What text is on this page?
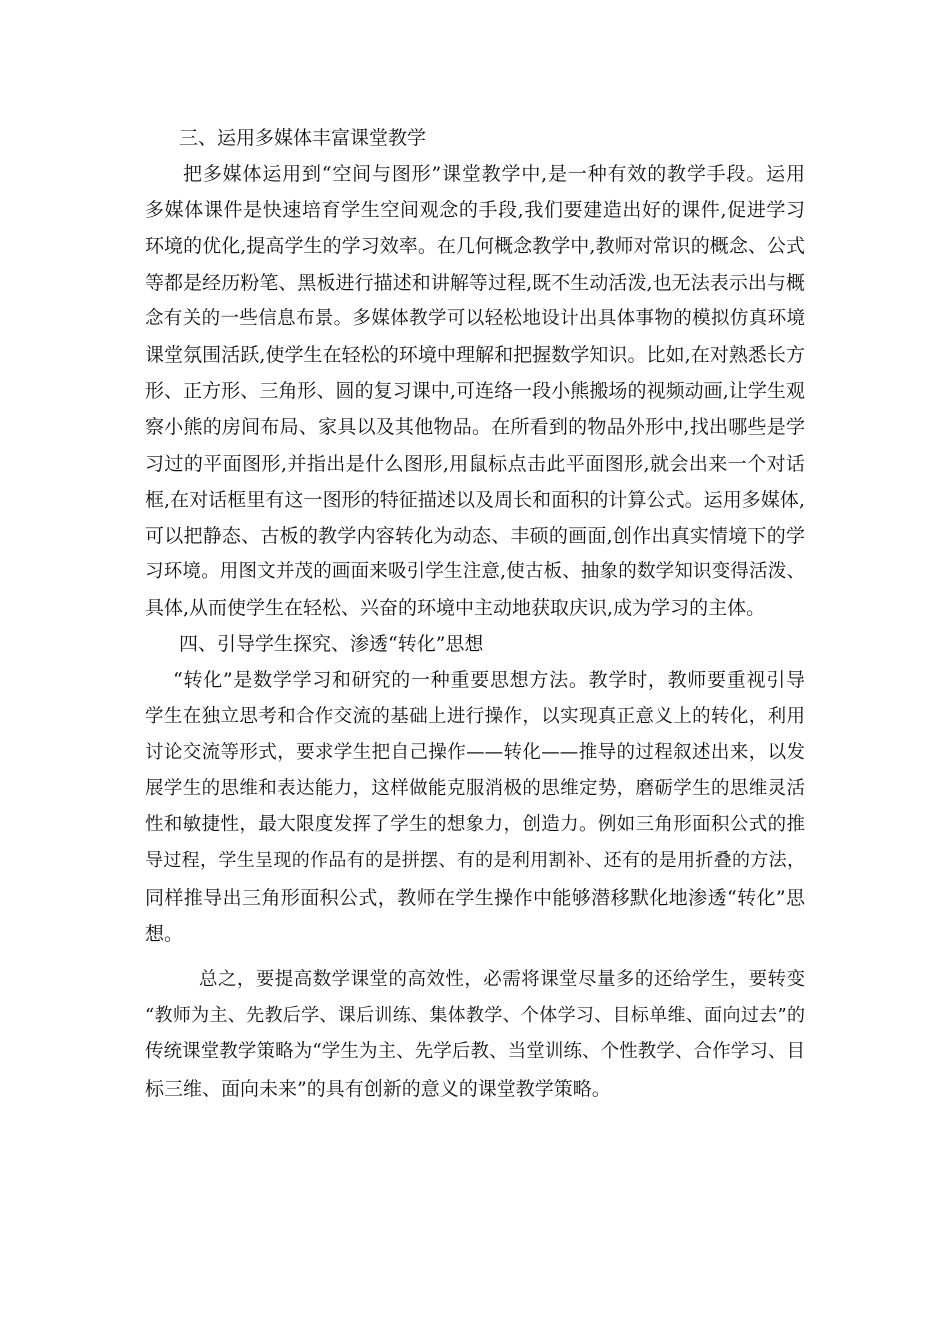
三、运用多媒体丰富课堂教学

把多媒体运用到“空间与图形”课堂教学中,是一种有效的教学手段。运用

多媒体课件是快速培育学生空间观念的手段,我们要建造出好的课件,促进学习

环境的优化,提高学生的学习效率。在几何概念教学中,教师对常识的概念、公式

等都是经历粉笔、黑板进行描述和讲解等过程,既不生动活泼,也无法表示出与概

念有关的一些信息布景。多媒体教学可以轻松地设计出具体事物的模拟仿真环境

课堂氛围活跃,使学生在轻松的环境中理解和把握数学知识。比如,在对熟悉长方

形、正方形、三角形、圆的复习课中,可连络一段小熊搬场的视频动画,让学生观

察小熊的房间布局、家具以及其他物品。在所看到的物品外形中,找出哪些是学

习过的平面图形,并指出是什么图形,用鼠标点击此平面图形,就会出来一个对话

框,在对话框里有这一图形的特征描述以及周长和面积的计算公式。运用多媒体,

可以把静态、古板的教学内容转化为动态、丰硕的画面,创作出真实情境下的学

习环境。用图文并茂的画面来吸引学生注意,使古板、抽象的数学知识变得活泼、

具体,从而使学生在轻松、兴奋的环境中主动地获取庆识,成为学习的主体。

四、引导学生探究、渗透“转化”思想

“转化”是数学学习和研究的一种重要思想方法。教学时，教师要重视引导

学生在独立思考和合作交流的基础上进行操作，以实现真正意义上的转化，利用

讨论交流等形式，要求学生把自己操作——转化——推导的过程叙述出来，以发

展学生的思维和表达能力，这样做能克服消极的思维定势，磨砺学生的思维灵活

性和敏捷性，最大限度发挥了学生的想象力，创造力。例如三角形面积公式的推

导过程，学生呈现的作品有的是拼摆、有的是利用割补、还有的是用折叠的方法，

同样推导出三角形面积公式，教师在学生操作中能够潜移默化地渗透“转化”思

想。

总之，要提高数学课堂的高效性，必需将课堂尽量多的还给学生，要转变

“教师为主、先教后学、课后训练、集体教学、个体学习、目标单维、面向过去”的

传统课堂教学策略为“学生为主、先学后教、当堂训练、个性教学、合作学习、目

标三维、面向未来”的具有创新的意义的课堂教学策略。
